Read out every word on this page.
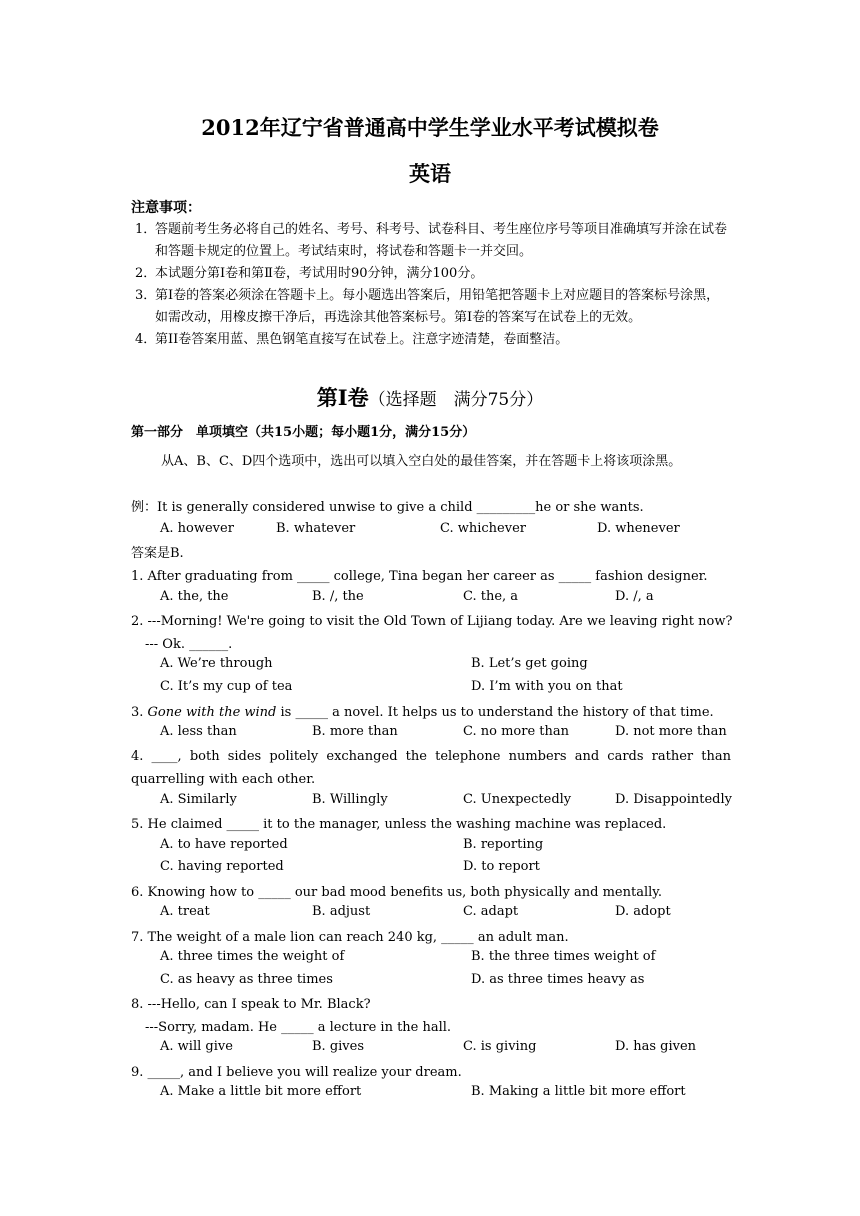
2012年辽宁省普通高中学生学业水平考试模拟卷
英语
注意事项：
1．
答题前考生务必将自己的姓名、考号、科考号、试卷科目、考生座位序号等项目准确填写并涂在试卷和答题卡规定的位置上。考试结束时，将试卷和答题卡一并交回。
2．
本试题分第Ⅰ卷和第Ⅱ卷，考试用时90分钟，满分100分。
3．
第Ⅰ卷的答案必须涂在答题卡上。每小题选出答案后，用铅笔把答题卡上对应题目的答案标号涂黑，如需改动，用橡皮擦干净后，再选涂其他答案标号。第Ⅰ卷的答案写在试卷上的无效。
4．
第II卷答案用蓝、黑色钢笔直接写在试卷上。注意字迹清楚，卷面整洁。
第Ⅰ卷（选择题　满分75分）
第一部分　单项填空（共15小题；每小题1分，满分15分）
从A、B、C、D四个选项中，选出可以填入空白处的最佳答案，并在答题卡上将该项涂黑。
例：It is generally considered unwise to give a child _________he or she wants.
A. however	B. whatever	C. whichever	D. whenever
答案是B.
1. After graduating from _____ college, Tina began her career as _____ fashion designer.
A. the, the	B. /, the	C. the, a	D. /, a
2. ---Morning! We're going to visit the Old Town of Lijiang today. Are we leaving right now?
--- Ok. ______.
A. We’re through	B. Let’s get going
C. It’s my cup of tea	D. I’m with you on that
3. Gone with the wind is _____ a novel. It helps us to understand the history of that time.
A. less than	B. more than	C. no more than	D. not more than
4. ____, both sides politely exchanged the telephone numbers and cards rather than quarrelling with each other.
A. Similarly	B. Willingly	C. Unexpectedly	D. Disappointedly
5. He claimed _____ it to the manager, unless the washing machine was replaced.
A. to have reported	B. reporting
C. having reported	D. to report
6. Knowing how to _____ our bad mood benefits us, both physically and mentally.
A. treat	B. adjust	C. adapt	D. adopt
7. The weight of a male lion can reach 240 kg, _____ an adult man.
A. three times the weight of	B. the three times weight of
C. as heavy as three times	D. as three times heavy as
8. ---Hello, can I speak to Mr. Black?
---Sorry, madam. He _____ a lecture in the hall.
A. will give	B. gives	C. is giving	D. has given
9. _____, and I believe you will realize your dream.
A. Make a little bit more effort	B. Making a little bit more effort
